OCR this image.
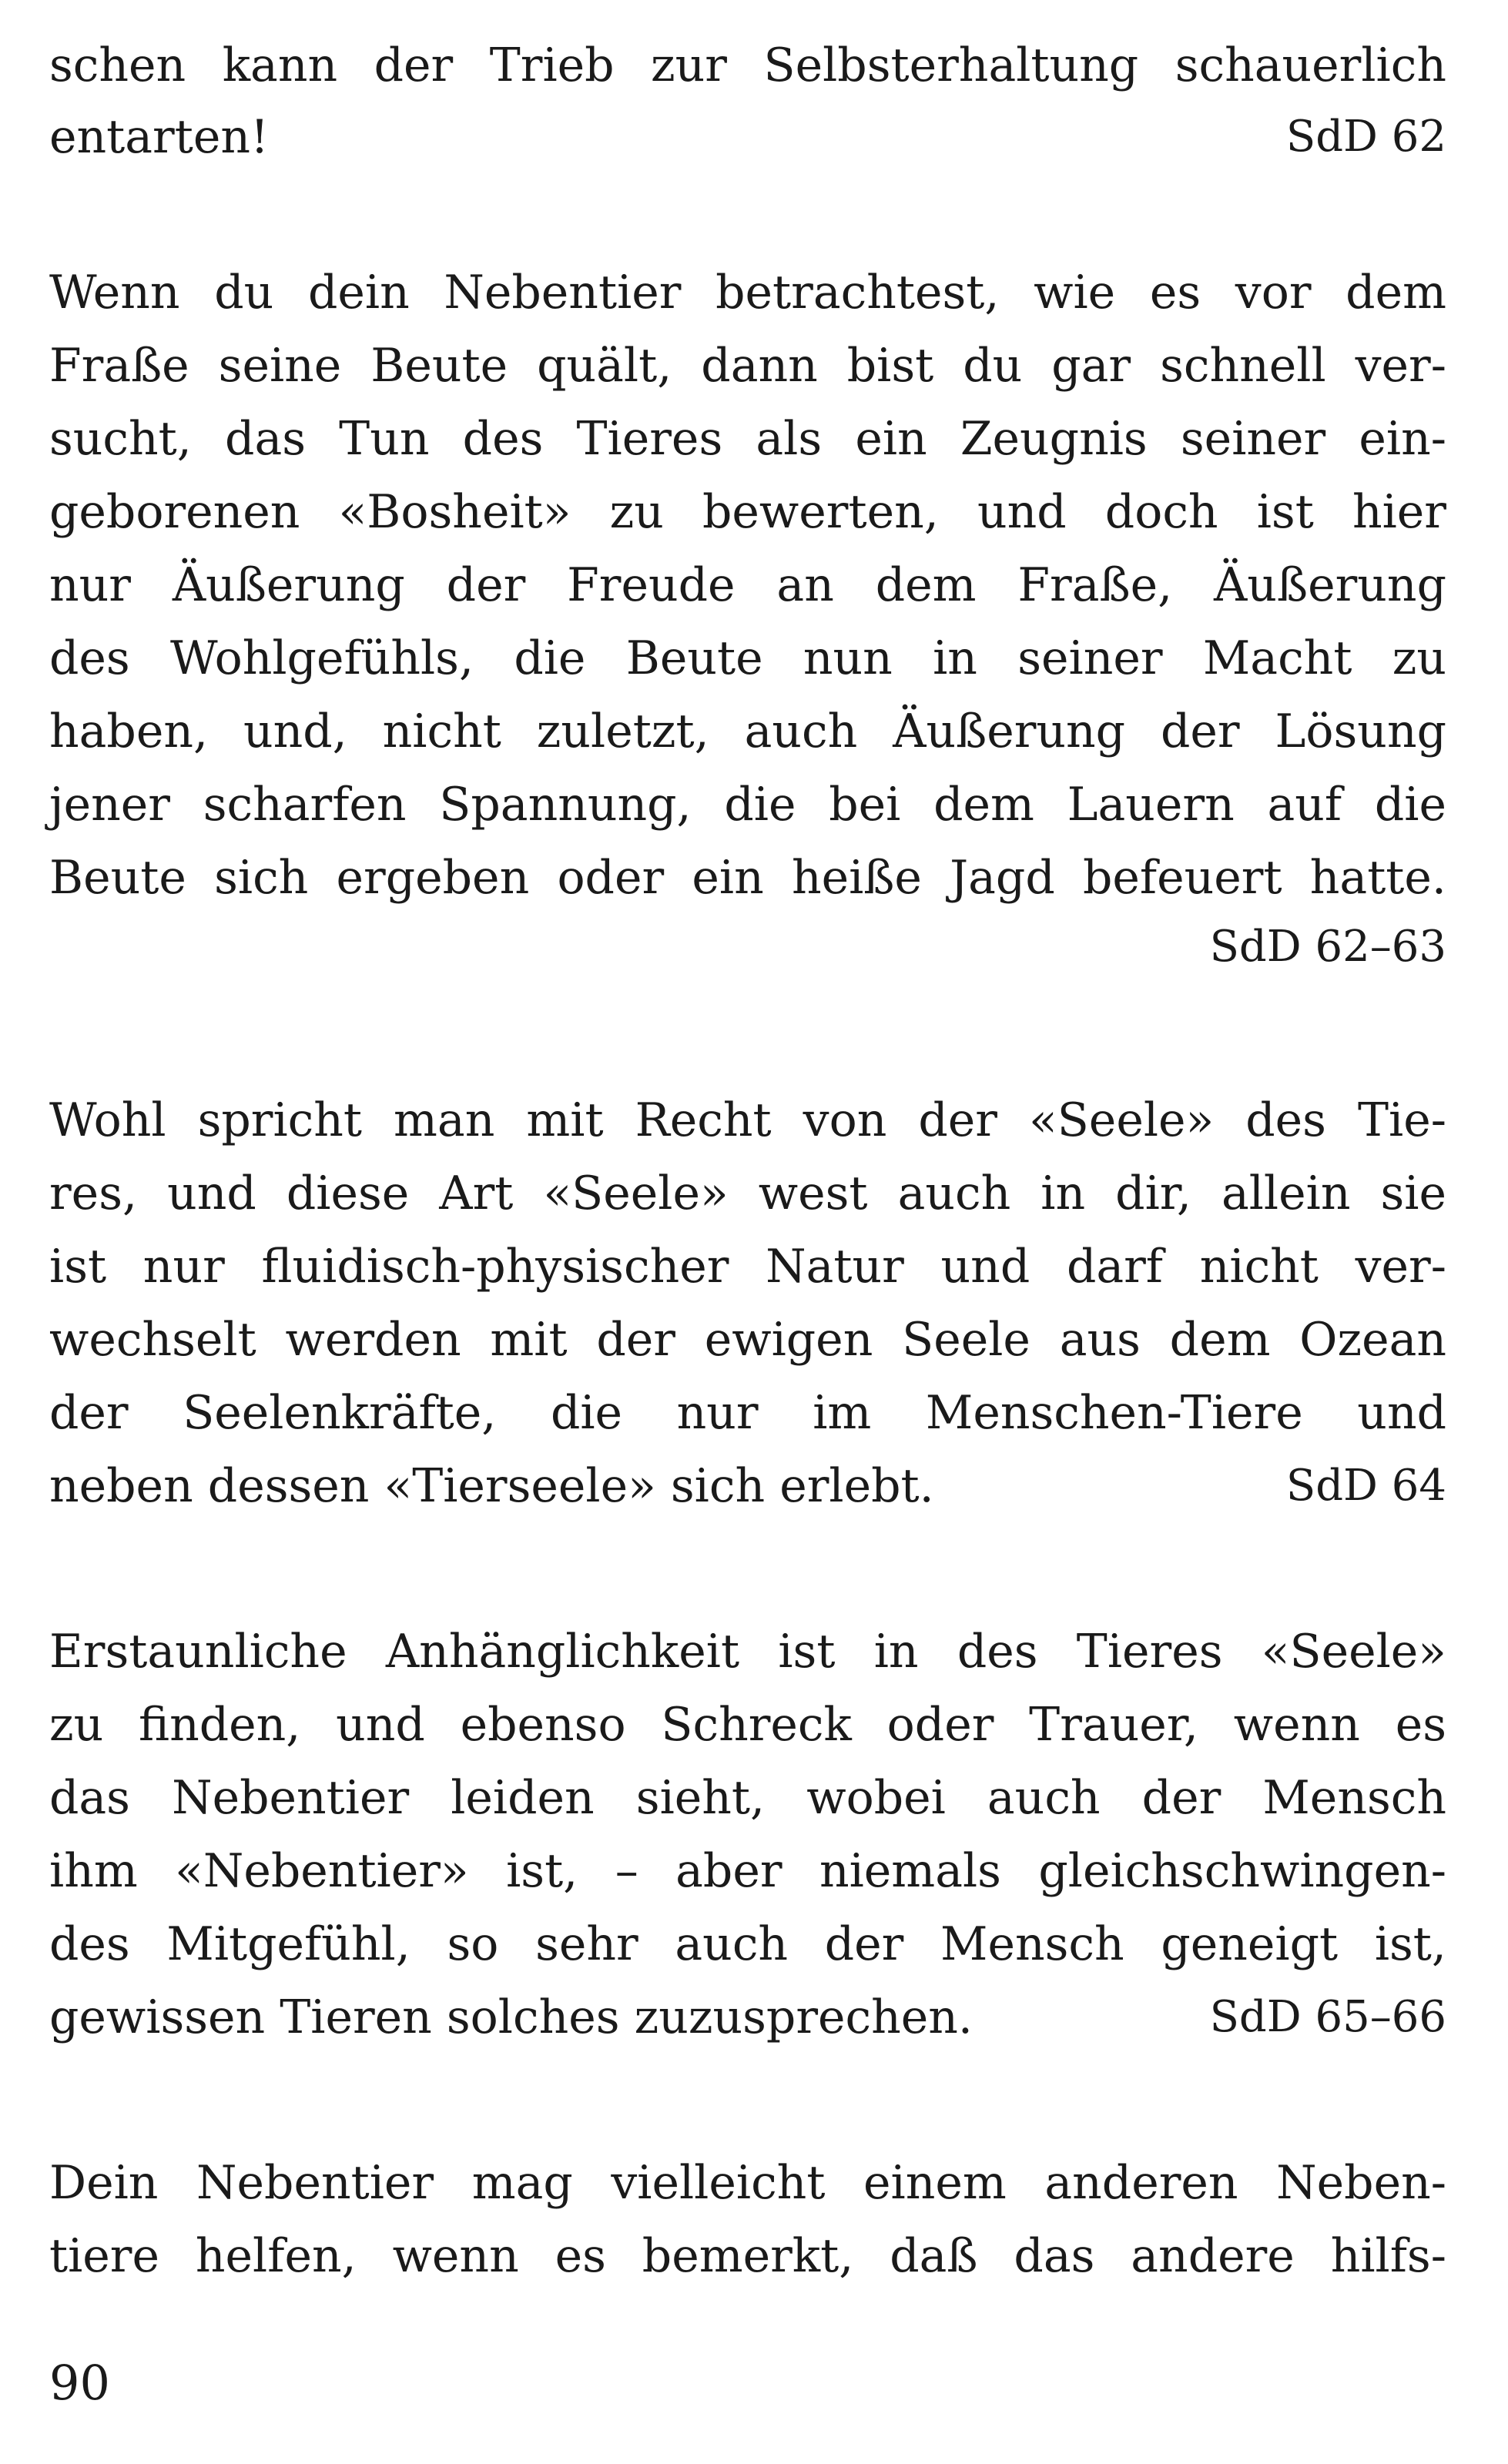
schen kann der Trieb zur Selbsterhaltung schauerlich
entarten!	SdD 62
Wenn du dein Nebentier betrachtest, wie es vor dem
Fraße seine Beute quält, dann bist du gar schnell ver-
sucht, das Tun des Tieres als ein Zeugnis seiner ein-
geborenen «Bosheit» zu bewerten, und doch ist hier
nur Äußerung der Freude an dem Fraße, Äußerung
des Wohlgefühls, die Beute nun in seiner Macht zu
haben, und, nicht zuletzt, auch Äußerung der Lösung
jener scharfen Spannung, die bei dem Lauern auf die
Beute sich ergeben oder ein heiße Jagd befeuert hatte.
SdD 62–63
Wohl spricht man mit Recht von der «Seele» des Tie-
res, und diese Art «Seele» west auch in dir, allein sie
ist nur fluidisch-physischer Natur und darf nicht ver-
wechselt werden mit der ewigen Seele aus dem Ozean
der Seelenkräfte, die nur im Menschen-Tiere und
neben dessen «Tierseele» sich erlebt.	SdD 64
Erstaunliche Anhänglichkeit ist in des Tieres «Seele»
zu finden, und ebenso Schreck oder Trauer, wenn es
das Nebentier leiden sieht, wobei auch der Mensch
ihm «Nebentier» ist, – aber niemals gleichschwingen-
des Mitgefühl, so sehr auch der Mensch geneigt ist,
gewissen Tieren solches zuzusprechen.	SdD 65–66
Dein Nebentier mag vielleicht einem anderen Neben-
tiere helfen, wenn es bemerkt, daß das andere hilfs-
90
